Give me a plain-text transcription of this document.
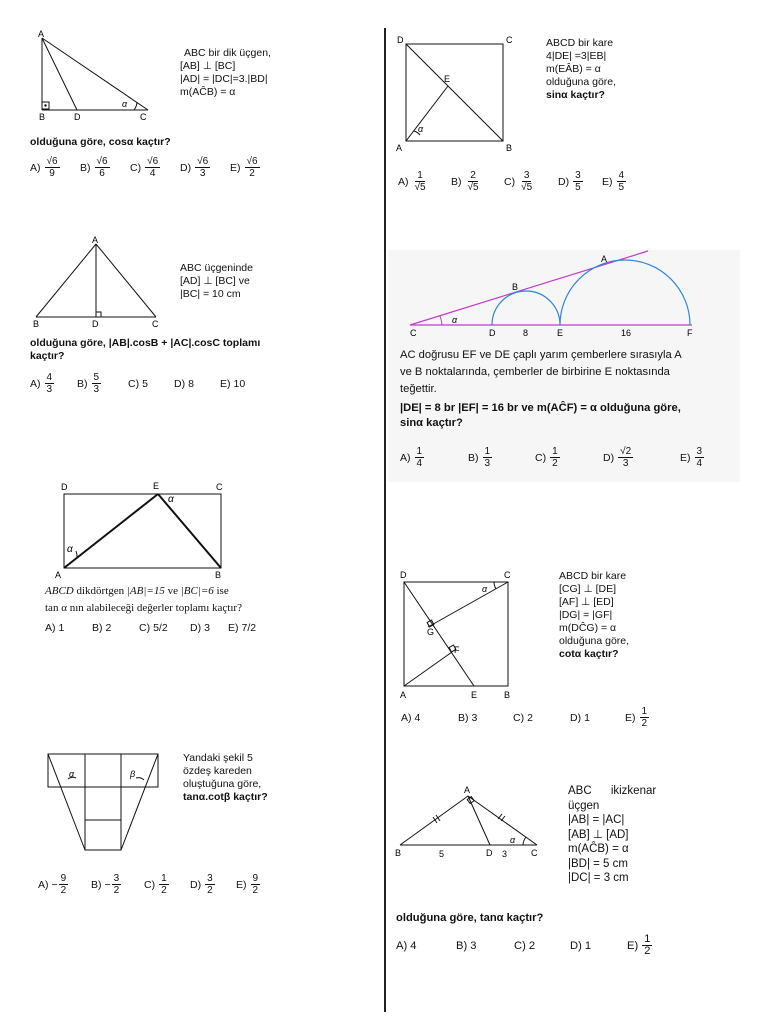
A
B	D	C
α
ABC bir dik üçgen,
[AB] ⊥ [BC]
|AD| = |DC|=3.|BD|
m(AĈB) = α
olduğuna göre, cosα kaçtır?
$A) \frac{√6}{9} B) \frac{√6}{6} C) \frac{√6}{4} D) \frac{√6}{3} E) \frac{√6}{2}$
A
B	D	C
ABC üçgeninde
[AD] ⊥ [BC] ve
|BC| = 10 cm
olduğuna göre, |AB|.cosB + |AC|.cosC toplamı kaçtır?
$A) \frac{4}{3} B) \frac{5}{3}$	C) 5 D) 8 E) 10
D	E	C
A	B
α
α
ABCD dikdörtgen |AB|=15 ve |BC|=6 ise
tan α nın alabileceği değerler toplamı kaçtır?
A) 1	B) 2	C) 5/2 D) 3 E) 7/2
α	β
Yandaki şekil 5
özdeş kareden
oluştuğuna göre,
tanα.cotβ kaçtır?
$A) - \frac{9}{2} B) - \frac{3}{2} C) \frac{1}{2} D) \frac{3}{2} E) \frac{9}{2}$
D	C
E
A	B
α
ABCD bir kare
4|DE| =3|EB|
m(EÂB) = α
olduğuna göre,
sinα kaçtır?
$A) \frac{1}{√5} B) \frac{2}{√5} C) \frac{3}{√5} D) \frac{3}{5} E) \frac{4}{5}$
C	D	8	E	16	F
B
A
α
AC doğrusu EF ve DE çaplı yarım çemberlere sırasıyla A
ve B noktalarında, çemberler de birbirine E noktasında
teğettir.
|DE| = 8 br |EF| = 16 br ve m(AĈF) = α olduğuna göre,
sinα kaçtır?
$A) \frac{1}{4}$	$B) \frac{1}{3}$	$C) \frac{1}{2}$	$D) \frac{√2}{3}$	$E) \frac{3}{4}$
D	C
G
F
A	E	B
α
ABCD bir kare
[CG] ⊥ [DE]
[AF] ⊥ [ED]
|DG| = |GF|
m(DĈG) = α
olduğuna göre,
cotα kaçtır?
A) 4	B) 3	C) 2	D) 1	$E) \frac{1}{2}$
A
B	5	D 3	C
α
ABC      ikizkenar
üçgen
|AB| = |AC|
[AB] ⊥ [AD]
m(AĈB) = α
|BD| = 5 cm
|DC| = 3 cm
olduğuna göre, tanα kaçtır?
A) 4	B) 3	C) 2	D) 1	$E) \frac{1}{2}$
